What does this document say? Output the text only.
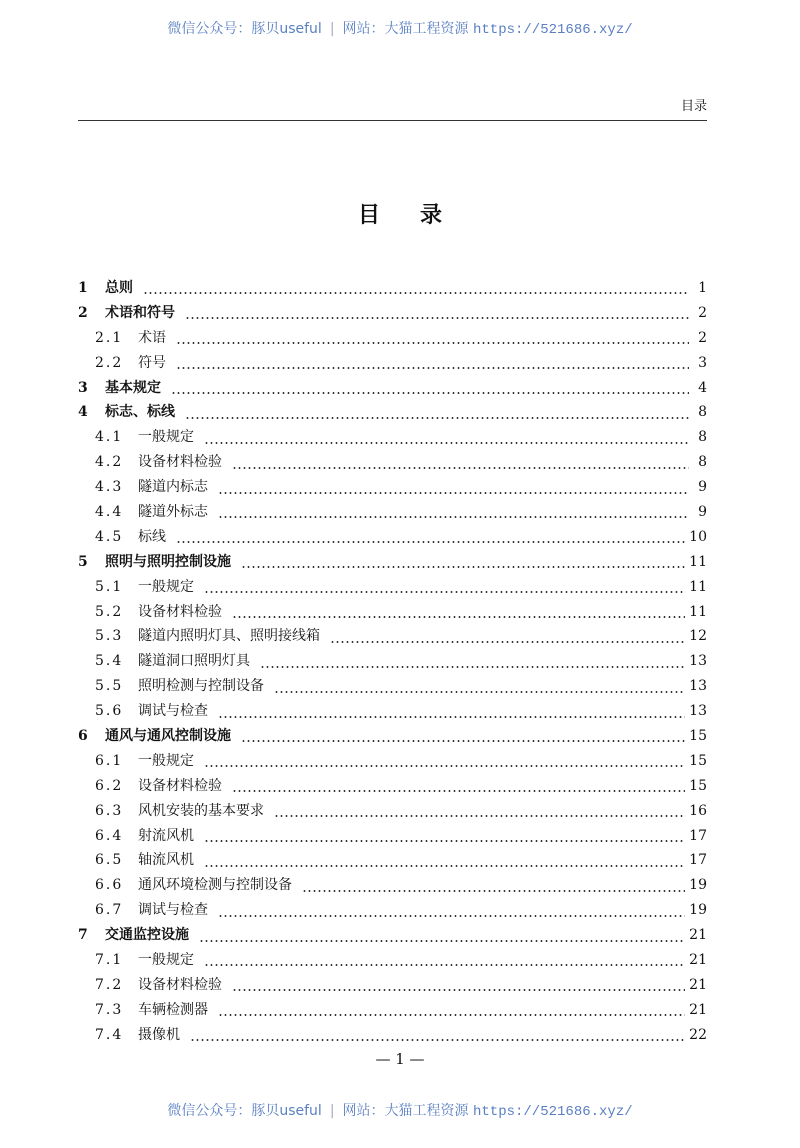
微信公众号：豚贝useful | 网站：大猫工程资源 https://521686.xyz/
目录
目录
1	总则	1
2	术语和符号	2
2.1	术语	2
2.2	符号	3
3	基本规定	4
4	标志、标线	8
4.1	一般规定	8
4.2	设备材料检验	8
4.3	隧道内标志	9
4.4	隧道外标志	9
4.5	标线	10
5	照明与照明控制设施	11
5.1	一般规定	11
5.2	设备材料检验	11
5.3	隧道内照明灯具、照明接线箱	12
5.4	隧道洞口照明灯具	13
5.5	照明检测与控制设备	13
5.6	调试与检查	13
6	通风与通风控制设施	15
6.1	一般规定	15
6.2	设备材料检验	15
6.3	风机安装的基本要求	16
6.4	射流风机	17
6.5	轴流风机	17
6.6	通风环境检测与控制设备	19
6.7	调试与检查	19
7	交通监控设施	21
7.1	一般规定	21
7.2	设备材料检验	21
7.3	车辆检测器	21
7.4	摄像机	22
— 1 —
微信公众号：豚贝useful | 网站：大猫工程资源 https://521686.xyz/
